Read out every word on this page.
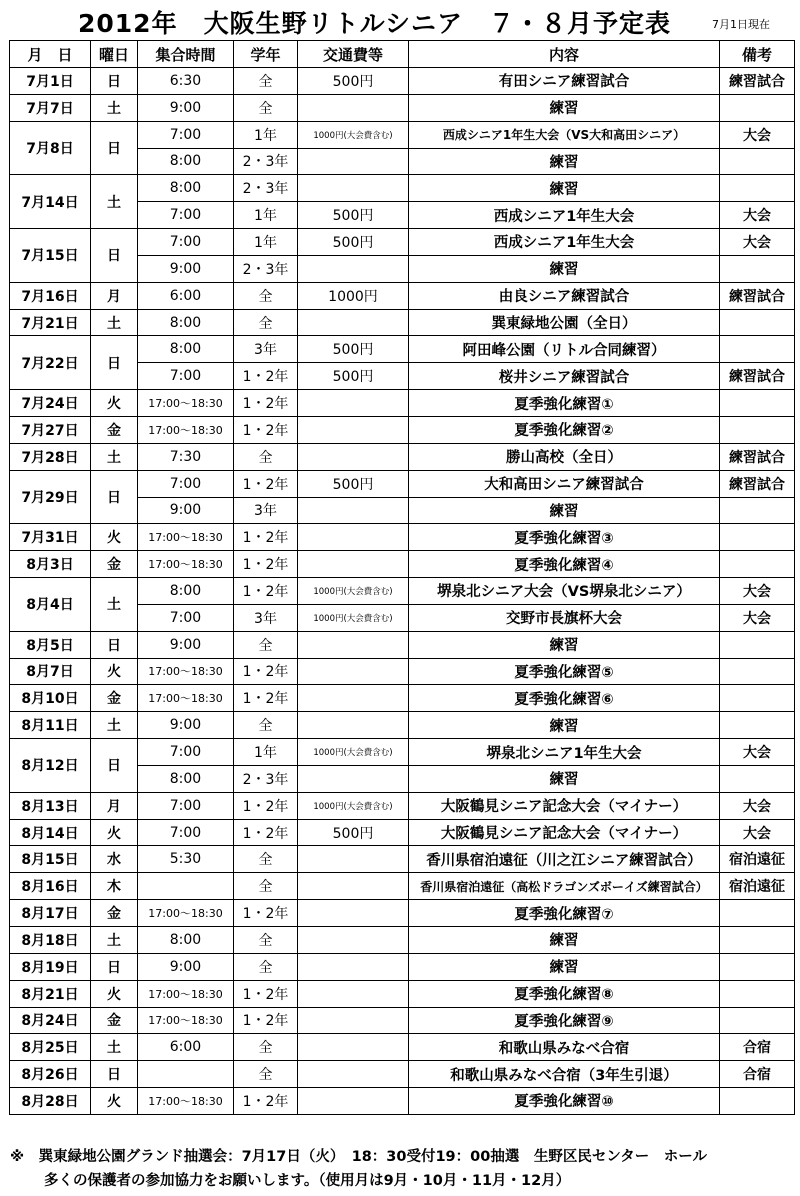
2012年　大阪生野リトルシニア　７・８月予定表	7月1日現在
月　日	曜日	集合時間	学年	交通費等	内容	備考
7月1日	日	6:30	全	500円	有田シニア練習試合	練習試合
7月7日	土	9:00	全		練習	
7月8日	日	7:00	1年	1000円(大会費含む)	西成シニア1年生大会（VS大和高田シニア）	大会
		8:00	2・3年		練習	
7月14日	土	8:00	2・3年		練習	
		7:00	1年	500円	西成シニア1年生大会	大会
7月15日	日	7:00	1年	500円	西成シニア1年生大会	大会
		9:00	2・3年		練習	
7月16日	月	6:00	全	1000円	由良シニア練習試合	練習試合
7月21日	土	8:00	全		巽東緑地公園（全日）	
7月22日	日	8:00	3年	500円	阿田峰公園（リトル合同練習）	
		7:00	1・2年	500円	桜井シニア練習試合	練習試合
7月24日	火	17:00〜18:30	1・2年		夏季強化練習①	
7月27日	金	17:00〜18:30	1・2年		夏季強化練習②	
7月28日	土	7:30	全		勝山高校（全日）	練習試合
7月29日	日	7:00	1・2年	500円	大和高田シニア練習試合	練習試合
		9:00	3年		練習	
7月31日	火	17:00〜18:30	1・2年		夏季強化練習③	
8月3日	金	17:00〜18:30	1・2年		夏季強化練習④	
8月4日	土	8:00	1・2年	1000円(大会費含む)	堺泉北シニア大会（VS堺泉北シニア）	大会
		7:00	3年	1000円(大会費含む)	交野市長旗杯大会	大会
8月5日	日	9:00	全		練習	
8月7日	火	17:00〜18:30	1・2年		夏季強化練習⑤	
8月10日	金	17:00〜18:30	1・2年		夏季強化練習⑥	
8月11日	土	9:00	全		練習	
8月12日	日	7:00	1年	1000円(大会費含む)	堺泉北シニア1年生大会	大会
		8:00	2・3年		練習	
8月13日	月	7:00	1・2年	1000円(大会費含む)	大阪鶴見シニア記念大会（マイナー）	大会
8月14日	火	7:00	1・2年	500円	大阪鶴見シニア記念大会（マイナー）	大会
8月15日	水	5:30	全		香川県宿泊遠征（川之江シニア練習試合）	宿泊遠征
8月16日	木		全		香川県宿泊遠征（高松ドラゴンズボーイズ練習試合）	宿泊遠征
8月17日	金	17:00〜18:30	1・2年		夏季強化練習⑦	
8月18日	土	8:00	全		練習	
8月19日	日	9:00	全		練習	
8月21日	火	17:00〜18:30	1・2年		夏季強化練習⑧	
8月24日	金	17:00〜18:30	1・2年		夏季強化練習⑨	
8月25日	土	6:00	全		和歌山県みなべ合宿	合宿
8月26日	日		全		和歌山県みなべ合宿（3年生引退）	合宿
8月28日	火	17:00〜18:30	1・2年		夏季強化練習⑩	
※　巽東緑地公園グランド抽選会：7月17日（火）　18：30受付19：00抽選　生野区民センター　ホール
多くの保護者の参加協力をお願いします。（使用月は9月・10月・11月・12月）
